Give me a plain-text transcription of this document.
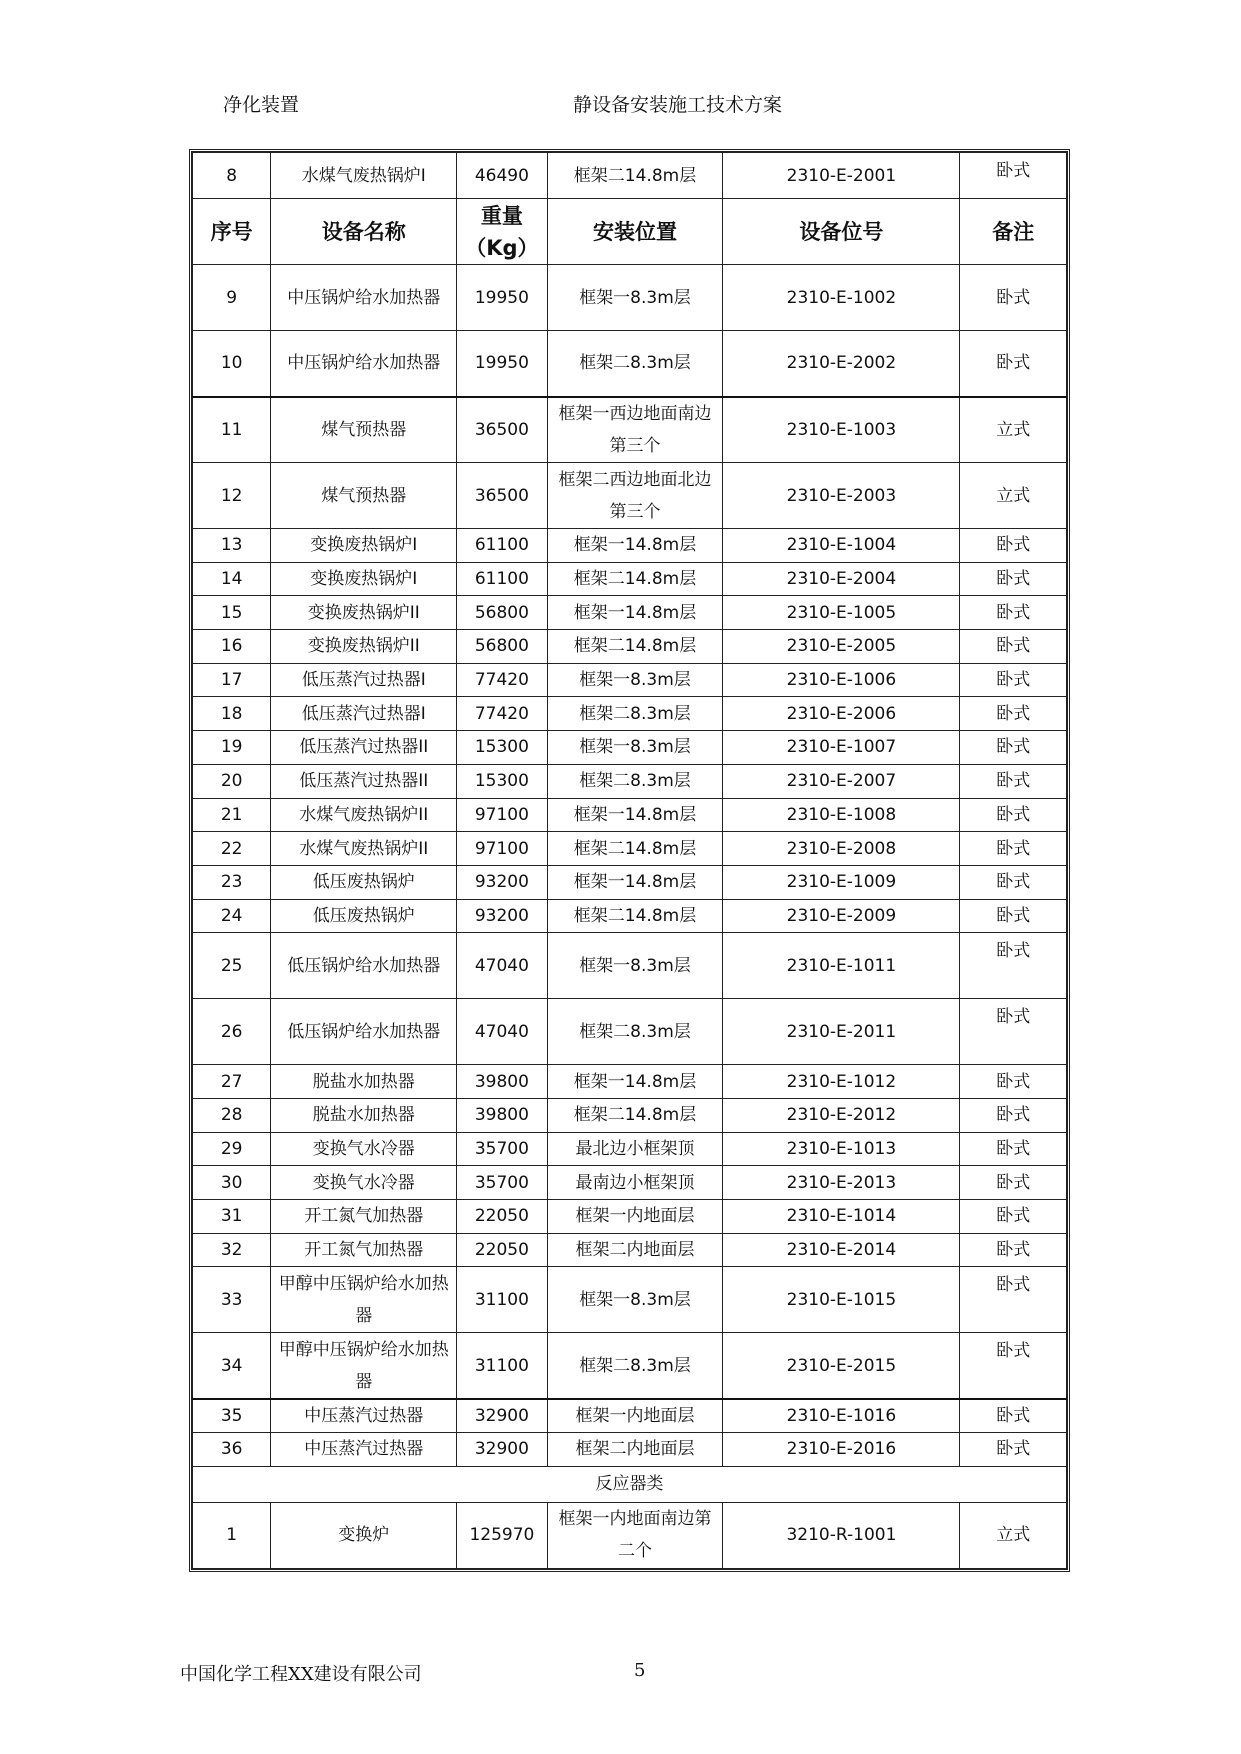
净化装置	静设备安装施工技术方案
8	水煤气废热锅炉Ⅰ	46490	框架二14.8m层	2310-E-2001	卧式
序号	设备名称	重量（Kg）	安装位置	设备位号	备注
9	中压锅炉给水加热器	19950	框架一8.3m层	2310-E-1002	卧式
10	中压锅炉给水加热器	19950	框架二8.3m层	2310-E-2002	卧式
11	煤气预热器	36500	框架一西边地面南边第三个	2310-E-1003	立式
12	煤气预热器	36500	框架二西边地面北边第三个	2310-E-2003	立式
13	变换废热锅炉Ⅰ	61100	框架一14.8m层	2310-E-1004	卧式
14	变换废热锅炉Ⅰ	61100	框架二14.8m层	2310-E-2004	卧式
15	变换废热锅炉ⅠI	56800	框架一14.8m层	2310-E-1005	卧式
16	变换废热锅炉ⅠI	56800	框架二14.8m层	2310-E-2005	卧式
17	低压蒸汽过热器Ⅰ	77420	框架一8.3m层	2310-E-1006	卧式
18	低压蒸汽过热器Ⅰ	77420	框架二8.3m层	2310-E-2006	卧式
19	低压蒸汽过热器ⅠI	15300	框架一8.3m层	2310-E-1007	卧式
20	低压蒸汽过热器ⅠI	15300	框架二8.3m层	2310-E-2007	卧式
21	水煤气废热锅炉ⅠI	97100	框架一14.8m层	2310-E-1008	卧式
22	水煤气废热锅炉ⅠI	97100	框架二14.8m层	2310-E-2008	卧式
23	低压废热锅炉	93200	框架一14.8m层	2310-E-1009	卧式
24	低压废热锅炉	93200	框架二14.8m层	2310-E-2009	卧式
25	低压锅炉给水加热器	47040	框架一8.3m层	2310-E-1011	卧式
26	低压锅炉给水加热器	47040	框架二8.3m层	2310-E-2011	卧式
27	脱盐水加热器	39800	框架一14.8m层	2310-E-1012	卧式
28	脱盐水加热器	39800	框架二14.8m层	2310-E-2012	卧式
29	变换气水冷器	35700	最北边小框架顶	2310-E-1013	卧式
30	变换气水冷器	35700	最南边小框架顶	2310-E-2013	卧式
31	开工氮气加热器	22050	框架一内地面层	2310-E-1014	卧式
32	开工氮气加热器	22050	框架二内地面层	2310-E-2014	卧式
33	甲醇中压锅炉给水加热器	31100	框架一8.3m层	2310-E-1015	卧式
34	甲醇中压锅炉给水加热器	31100	框架二8.3m层	2310-E-2015	卧式
35	中压蒸汽过热器	32900	框架一内地面层	2310-E-1016	卧式
36	中压蒸汽过热器	32900	框架二内地面层	2310-E-2016	卧式
反应器类					
1	变换炉	125970	框架一内地面南边第二个	3210-R-1001	立式
中国化学工程XX建设有限公司	5
